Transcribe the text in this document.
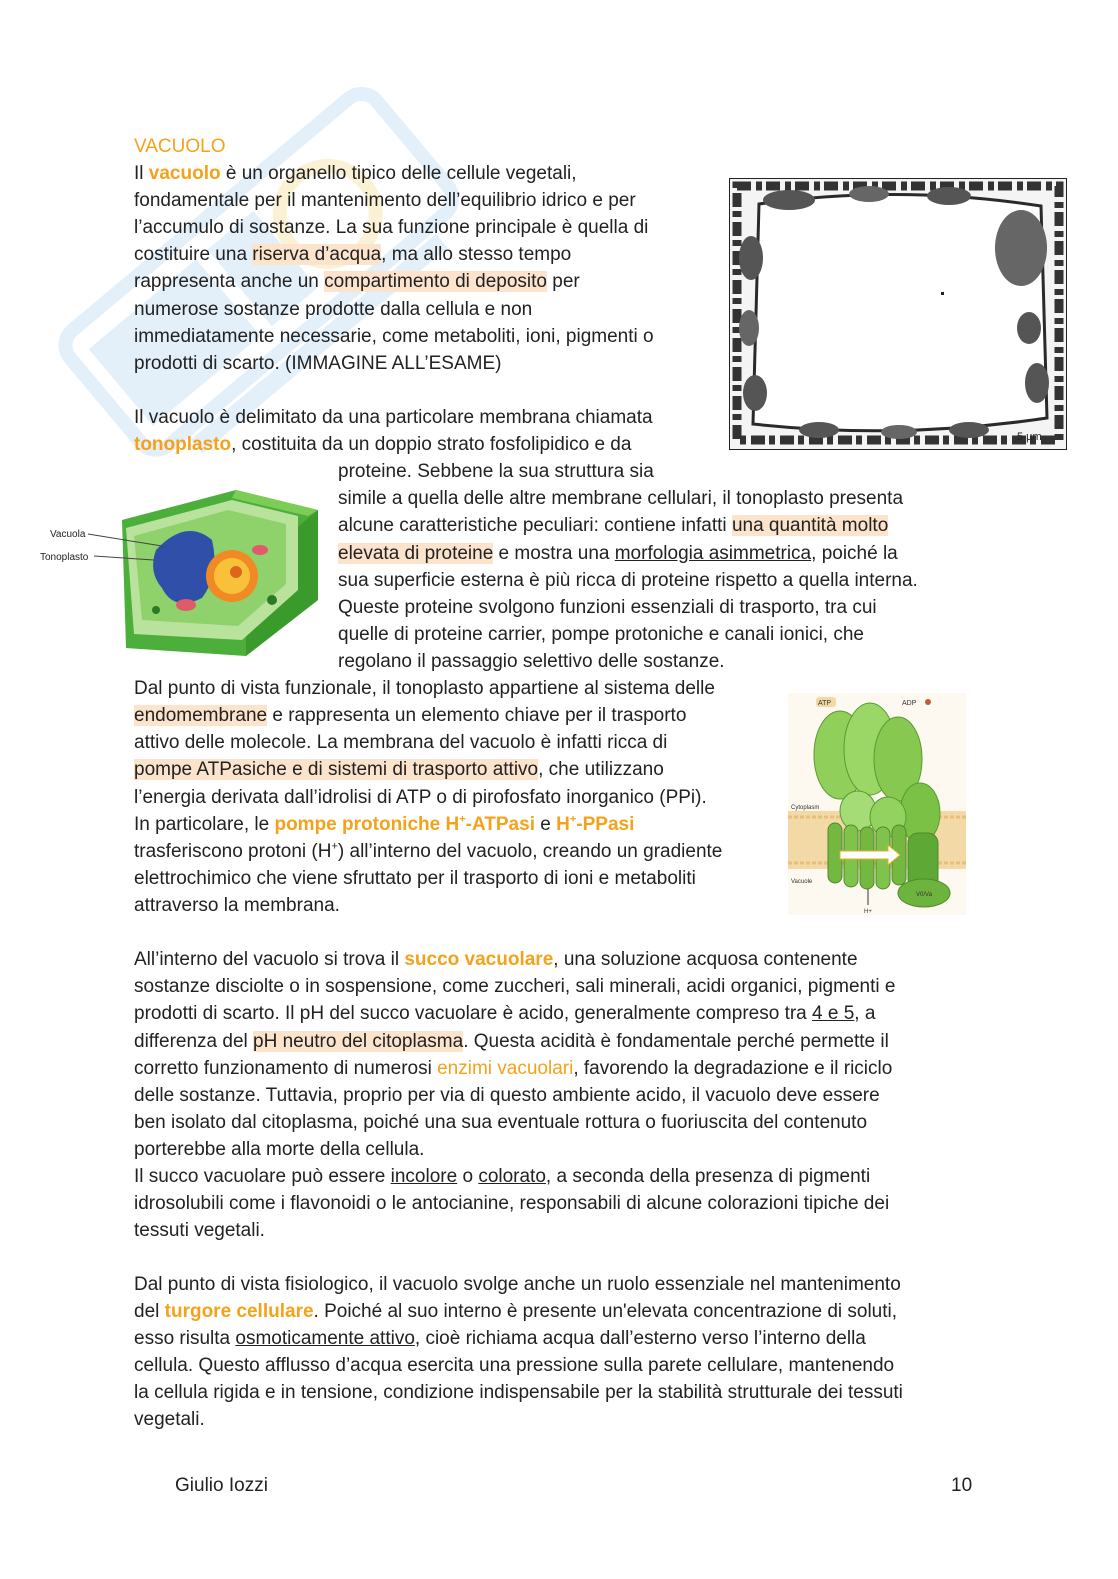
VACUOLO
Il vacuolo è un organello tipico delle cellule vegetali,
fondamentale per il mantenimento dell’equilibrio idrico e per
l’accumulo di sostanze. La sua funzione principale è quella di
costituire una riserva d’acqua, ma allo stesso tempo
rappresenta anche un compartimento di deposito per
numerose sostanze prodotte dalla cellula e non
immediatamente necessarie, come metaboliti, ioni, pigmenti o
prodotti di scarto. (IMMAGINE ALL’ESAME)
5 µm
Il vacuolo è delimitato da una particolare membrana chiamata
tonoplasto, costituita da un doppio strato fosfolipidico e da
proteine. Sebbene la sua struttura sia
simile a quella delle altre membrane cellulari, il tonoplasto presenta
alcune caratteristiche peculiari: contiene infatti una quantità molto
elevata di proteine e mostra una morfologia asimmetrica, poiché la
sua superficie esterna è più ricca di proteine rispetto a quella interna.
Queste proteine svolgono funzioni essenziali di trasporto, tra cui
quelle di proteine carrier, pompe protoniche e canali ionici, che
regolano il passaggio selettivo delle sostanze.
Vacuola
Tonoplasto
Dal punto di vista funzionale, il tonoplasto appartiene al sistema delle
endomembrane e rappresenta un elemento chiave per il trasporto
attivo delle molecole. La membrana del vacuolo è infatti ricca di
pompe ATPasiche e di sistemi di trasporto attivo, che utilizzano
l’energia derivata dall’idrolisi di ATP o di pirofosfato inorganico (PPi).
In particolare, le pompe protoniche H+-ATPasi e H+-PPasi
trasferiscono protoni (H+) all’interno del vacuolo, creando un gradiente
elettrochimico che viene sfruttato per il trasporto di ioni e metaboliti
attraverso la membrana.
ATP	ADP
Cytoplasm
Vacuole
V0/Va
H+
All’interno del vacuolo si trova il succo vacuolare, una soluzione acquosa contenente
sostanze disciolte o in sospensione, come zuccheri, sali minerali, acidi organici, pigmenti e
prodotti di scarto. Il pH del succo vacuolare è acido, generalmente compreso tra 4 e 5, a
differenza del pH neutro del citoplasma. Questa acidità è fondamentale perché permette il
corretto funzionamento di numerosi enzimi vacuolari, favorendo la degradazione e il riciclo
delle sostanze. Tuttavia, proprio per via di questo ambiente acido, il vacuolo deve essere
ben isolato dal citoplasma, poiché una sua eventuale rottura o fuoriuscita del contenuto
porterebbe alla morte della cellula.
Il succo vacuolare può essere incolore o colorato, a seconda della presenza di pigmenti
idrosolubili come i flavonoidi o le antocianine, responsabili di alcune colorazioni tipiche dei
tessuti vegetali.
Dal punto di vista fisiologico, il vacuolo svolge anche un ruolo essenziale nel mantenimento
del turgore cellulare. Poiché al suo interno è presente un'elevata concentrazione di soluti,
esso risulta osmoticamente attivo, cioè richiama acqua dall’esterno verso l’interno della
cellula. Questo afflusso d’acqua esercita una pressione sulla parete cellulare, mantenendo
la cellula rigida e in tensione, condizione indispensabile per la stabilità strutturale dei tessuti
vegetali.
Giulio Iozzi	10
